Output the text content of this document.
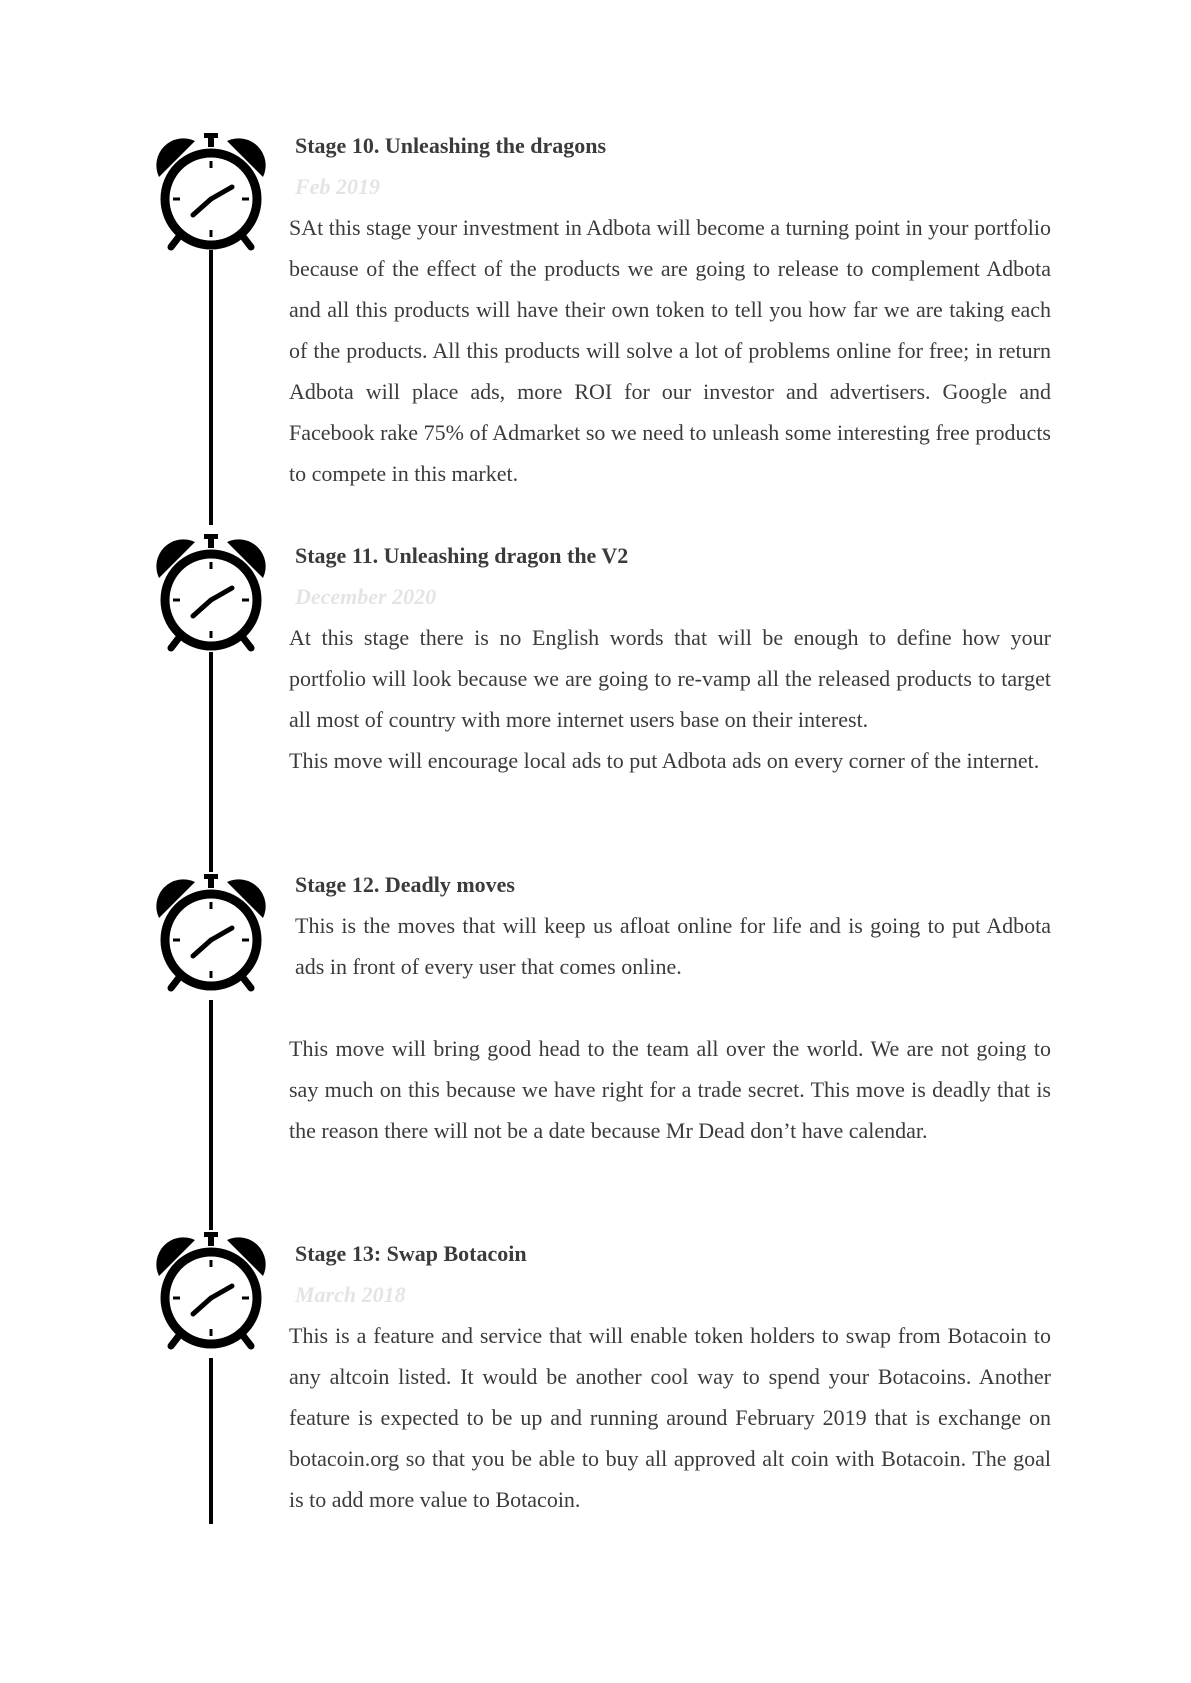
Stage 10. Unleashing the dragons
Feb 2019

SAt this stage your investment in Adbota will become a turning point in your portfolio because of the effect of the products we are going to release to complement Adbota and all this products will have their own token to tell you how far we are taking each of the products. All this products will solve a lot of problems online for free; in return Adbota will place ads, more ROI for our investor and advertisers. Google and Facebook rake 75% of Admarket so we need to unleash some interesting free products to compete in this market.

Stage 11. Unleashing dragon the V2
December 2020

At this stage there is no English words that will be enough to define how your portfolio will look because we are going to re-vamp all the released products to target all most of country with more internet users base on their interest.

This move will encourage local ads to put Adbota ads on every corner of the internet.

Stage 12. Deadly moves

This is the moves that will keep us afloat online for life and is going to put Adbota ads in front of every user that comes online.

This move will bring good head to the team all over the world. We are not going to say much on this because we have right for a trade secret. This move is deadly that is the reason there will not be a date because Mr Dead don’t have calendar.

Stage 13: Swap Botacoin
March 2018

This is a feature and service that will enable token holders to swap from Botacoin to any altcoin listed. It would be another cool way to spend your Botacoins. Another feature is expected to be up and running around February 2019 that is exchange on botacoin.org so that you be able to buy all approved alt coin with Botacoin. The goal is to add more value to Botacoin.
